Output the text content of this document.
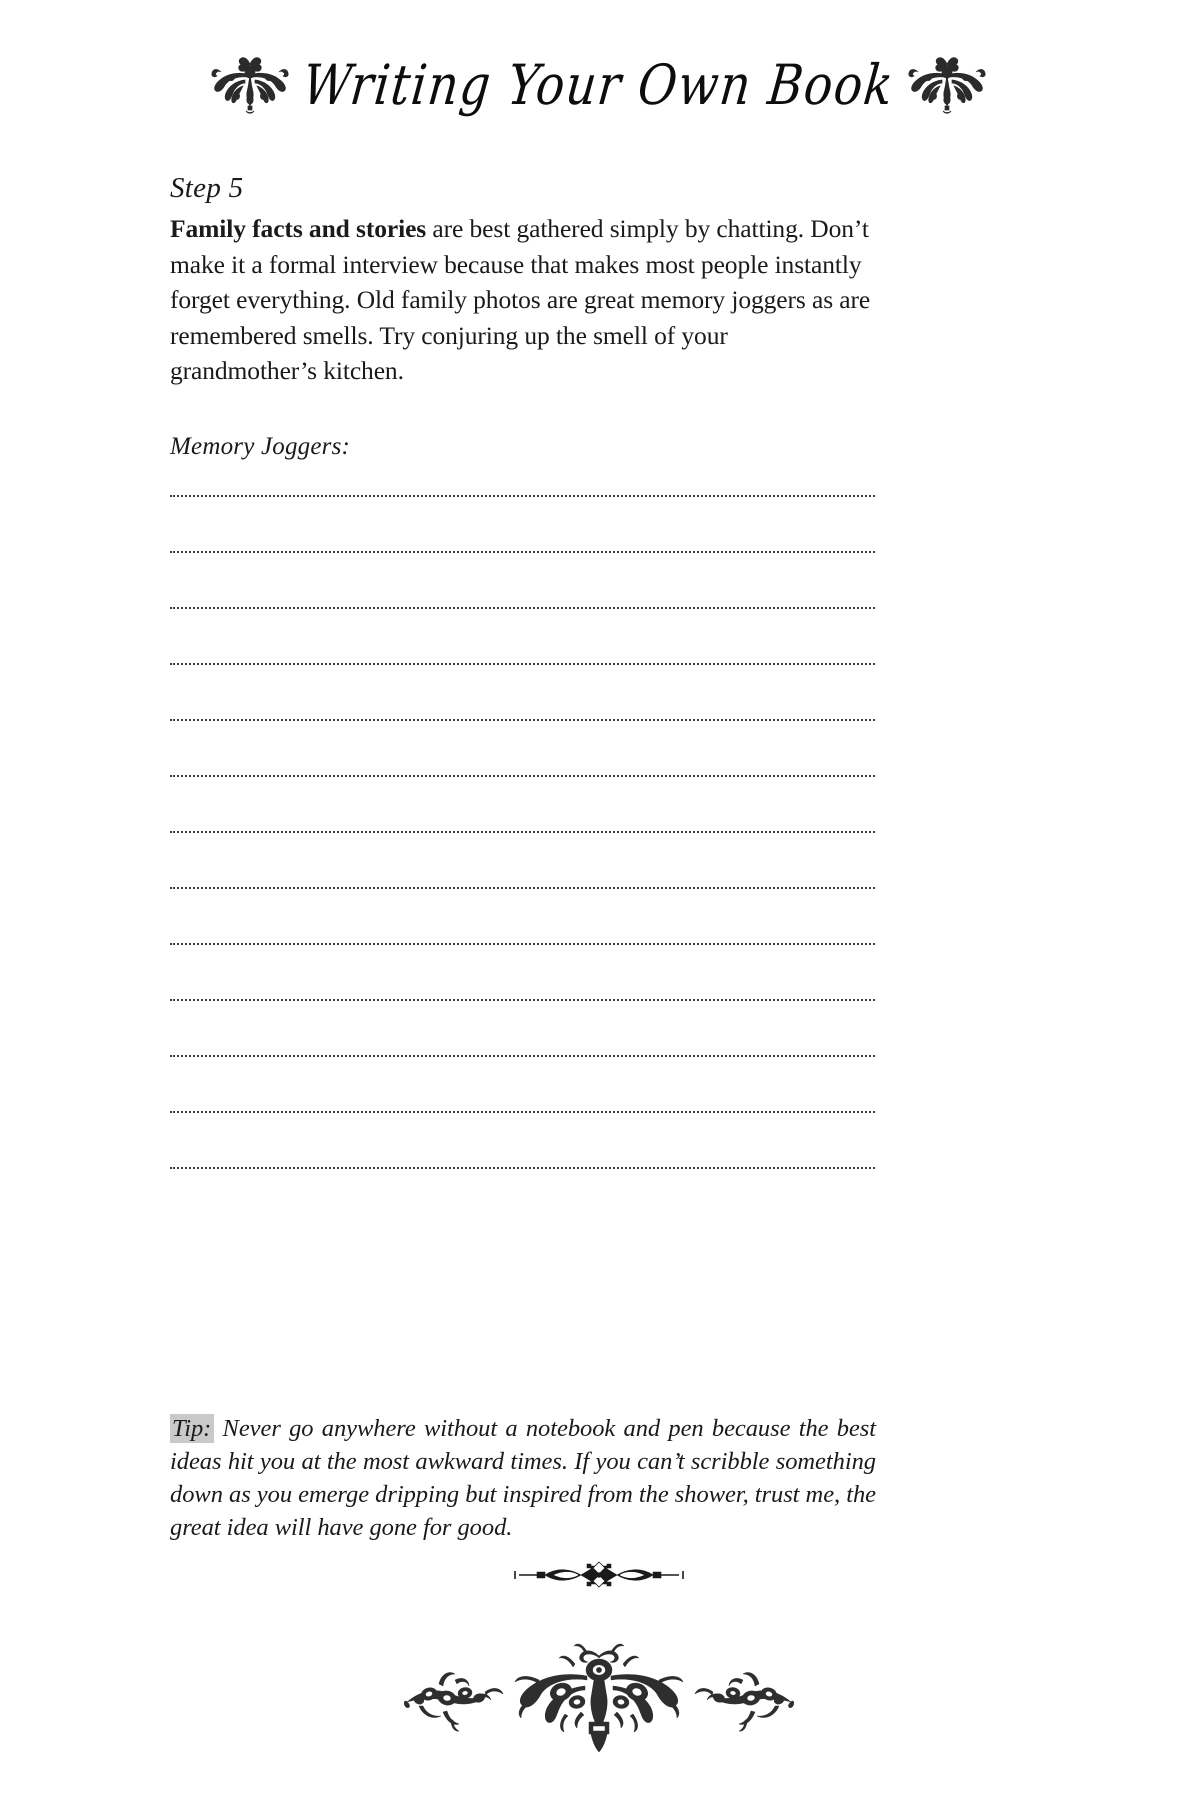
Writing Your Own Book
Step 5

Family facts and stories are best gathered simply by chatting. Don’t make it a formal interview because that makes most people instantly forget everything. Old family photos are great memory joggers as are remembered smells. Try conjuring up the smell of your grandmother’s kitchen.

Memory Joggers:
Tip: Never go anywhere without a notebook and pen because the best ideas hit you at the most awkward times. If you can’t scribble something down as you emerge dripping but inspired from the shower, trust me, the great idea will have gone for good.
